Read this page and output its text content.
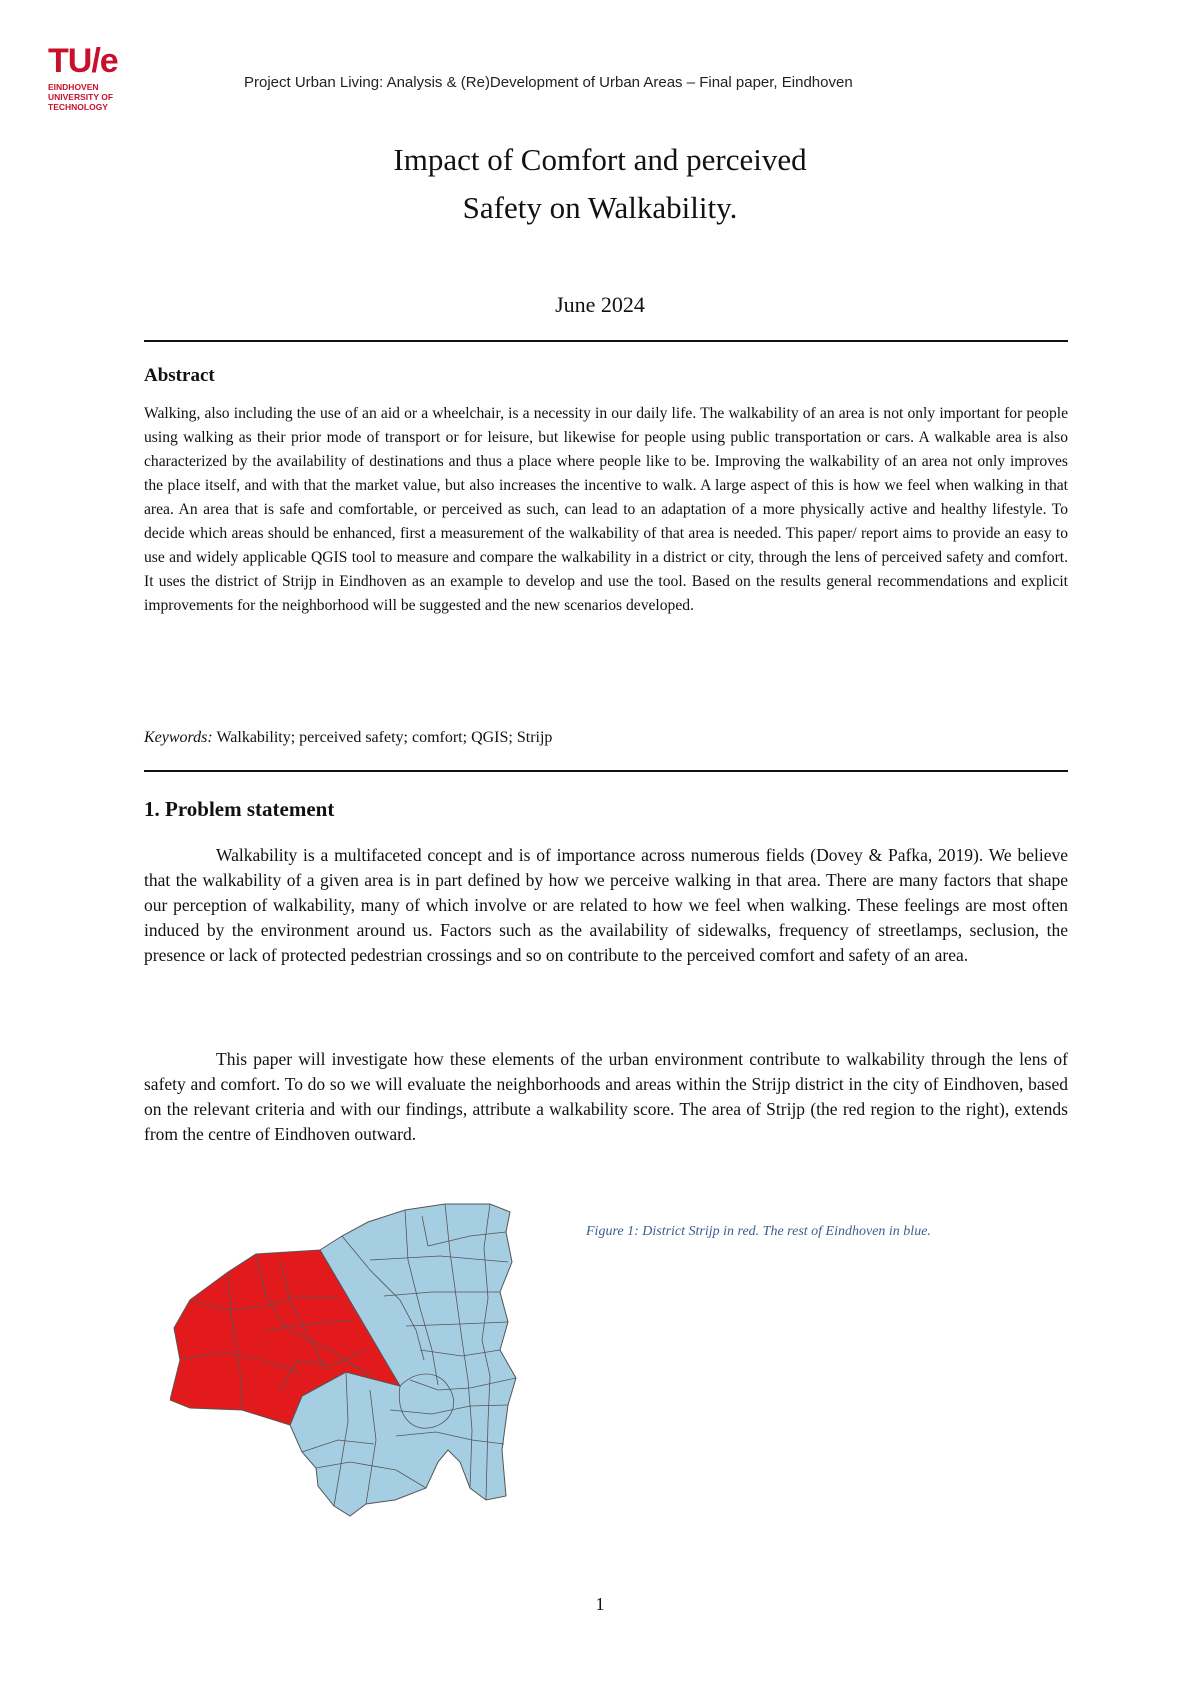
TU/e
EINDHOVEN
UNIVERSITY OF
TECHNOLOGY
Project Urban Living: Analysis & (Re)Development of Urban Areas – Final paper, Eindhoven
Impact of Comfort and perceived
Safety on Walkability.
June 2024
Abstract

Walking, also including the use of an aid or a wheelchair, is a necessity in our daily life. The walkability of an area is not only important for people using walking as their prior mode of transport or for leisure, but likewise for people using public transportation or cars. A walkable area is also characterized by the availability of destinations and thus a place where people like to be. Improving the walkability of an area not only improves the place itself, and with that the market value, but also increases the incentive to walk. A large aspect of this is how we feel when walking in that area. An area that is safe and comfortable, or perceived as such, can lead to an adaptation of a more physically active and healthy lifestyle. To decide which areas should be enhanced, first a measurement of the walkability of that area is needed. This paper/ report aims to provide an easy to use and widely applicable QGIS tool to measure and compare the walkability in a district or city, through the lens of perceived safety and comfort. It uses the district of Strijp in Eindhoven as an example to develop and use the tool. Based on the results general recommendations and explicit improvements for the neighborhood will be suggested and the new scenarios developed.

Keywords: Walkability; perceived safety; comfort; QGIS; Strijp
1. Problem statement

Walkability is a multifaceted concept and is of importance across numerous fields (Dovey & Pafka, 2019). We believe that the walkability of a given area is in part defined by how we perceive walking in that area. There are many factors that shape our perception of walkability, many of which involve or are related to how we feel when walking. These feelings are most often induced by the environment around us. Factors such as the availability of sidewalks, frequency of streetlamps, seclusion, the presence or lack of protected pedestrian crossings and so on contribute to the perceived comfort and safety of an area.

This paper will investigate how these elements of the urban environment contribute to walkability through the lens of safety and comfort. To do so we will evaluate the neighborhoods and areas within the Strijp district in the city of Eindhoven, based on the relevant criteria and with our findings, attribute a walkability score. The area of Strijp (the red region to the right), extends from the centre of Eindhoven outward.

Figure 1: District Strijp in red. The rest of Eindhoven in blue.
1
